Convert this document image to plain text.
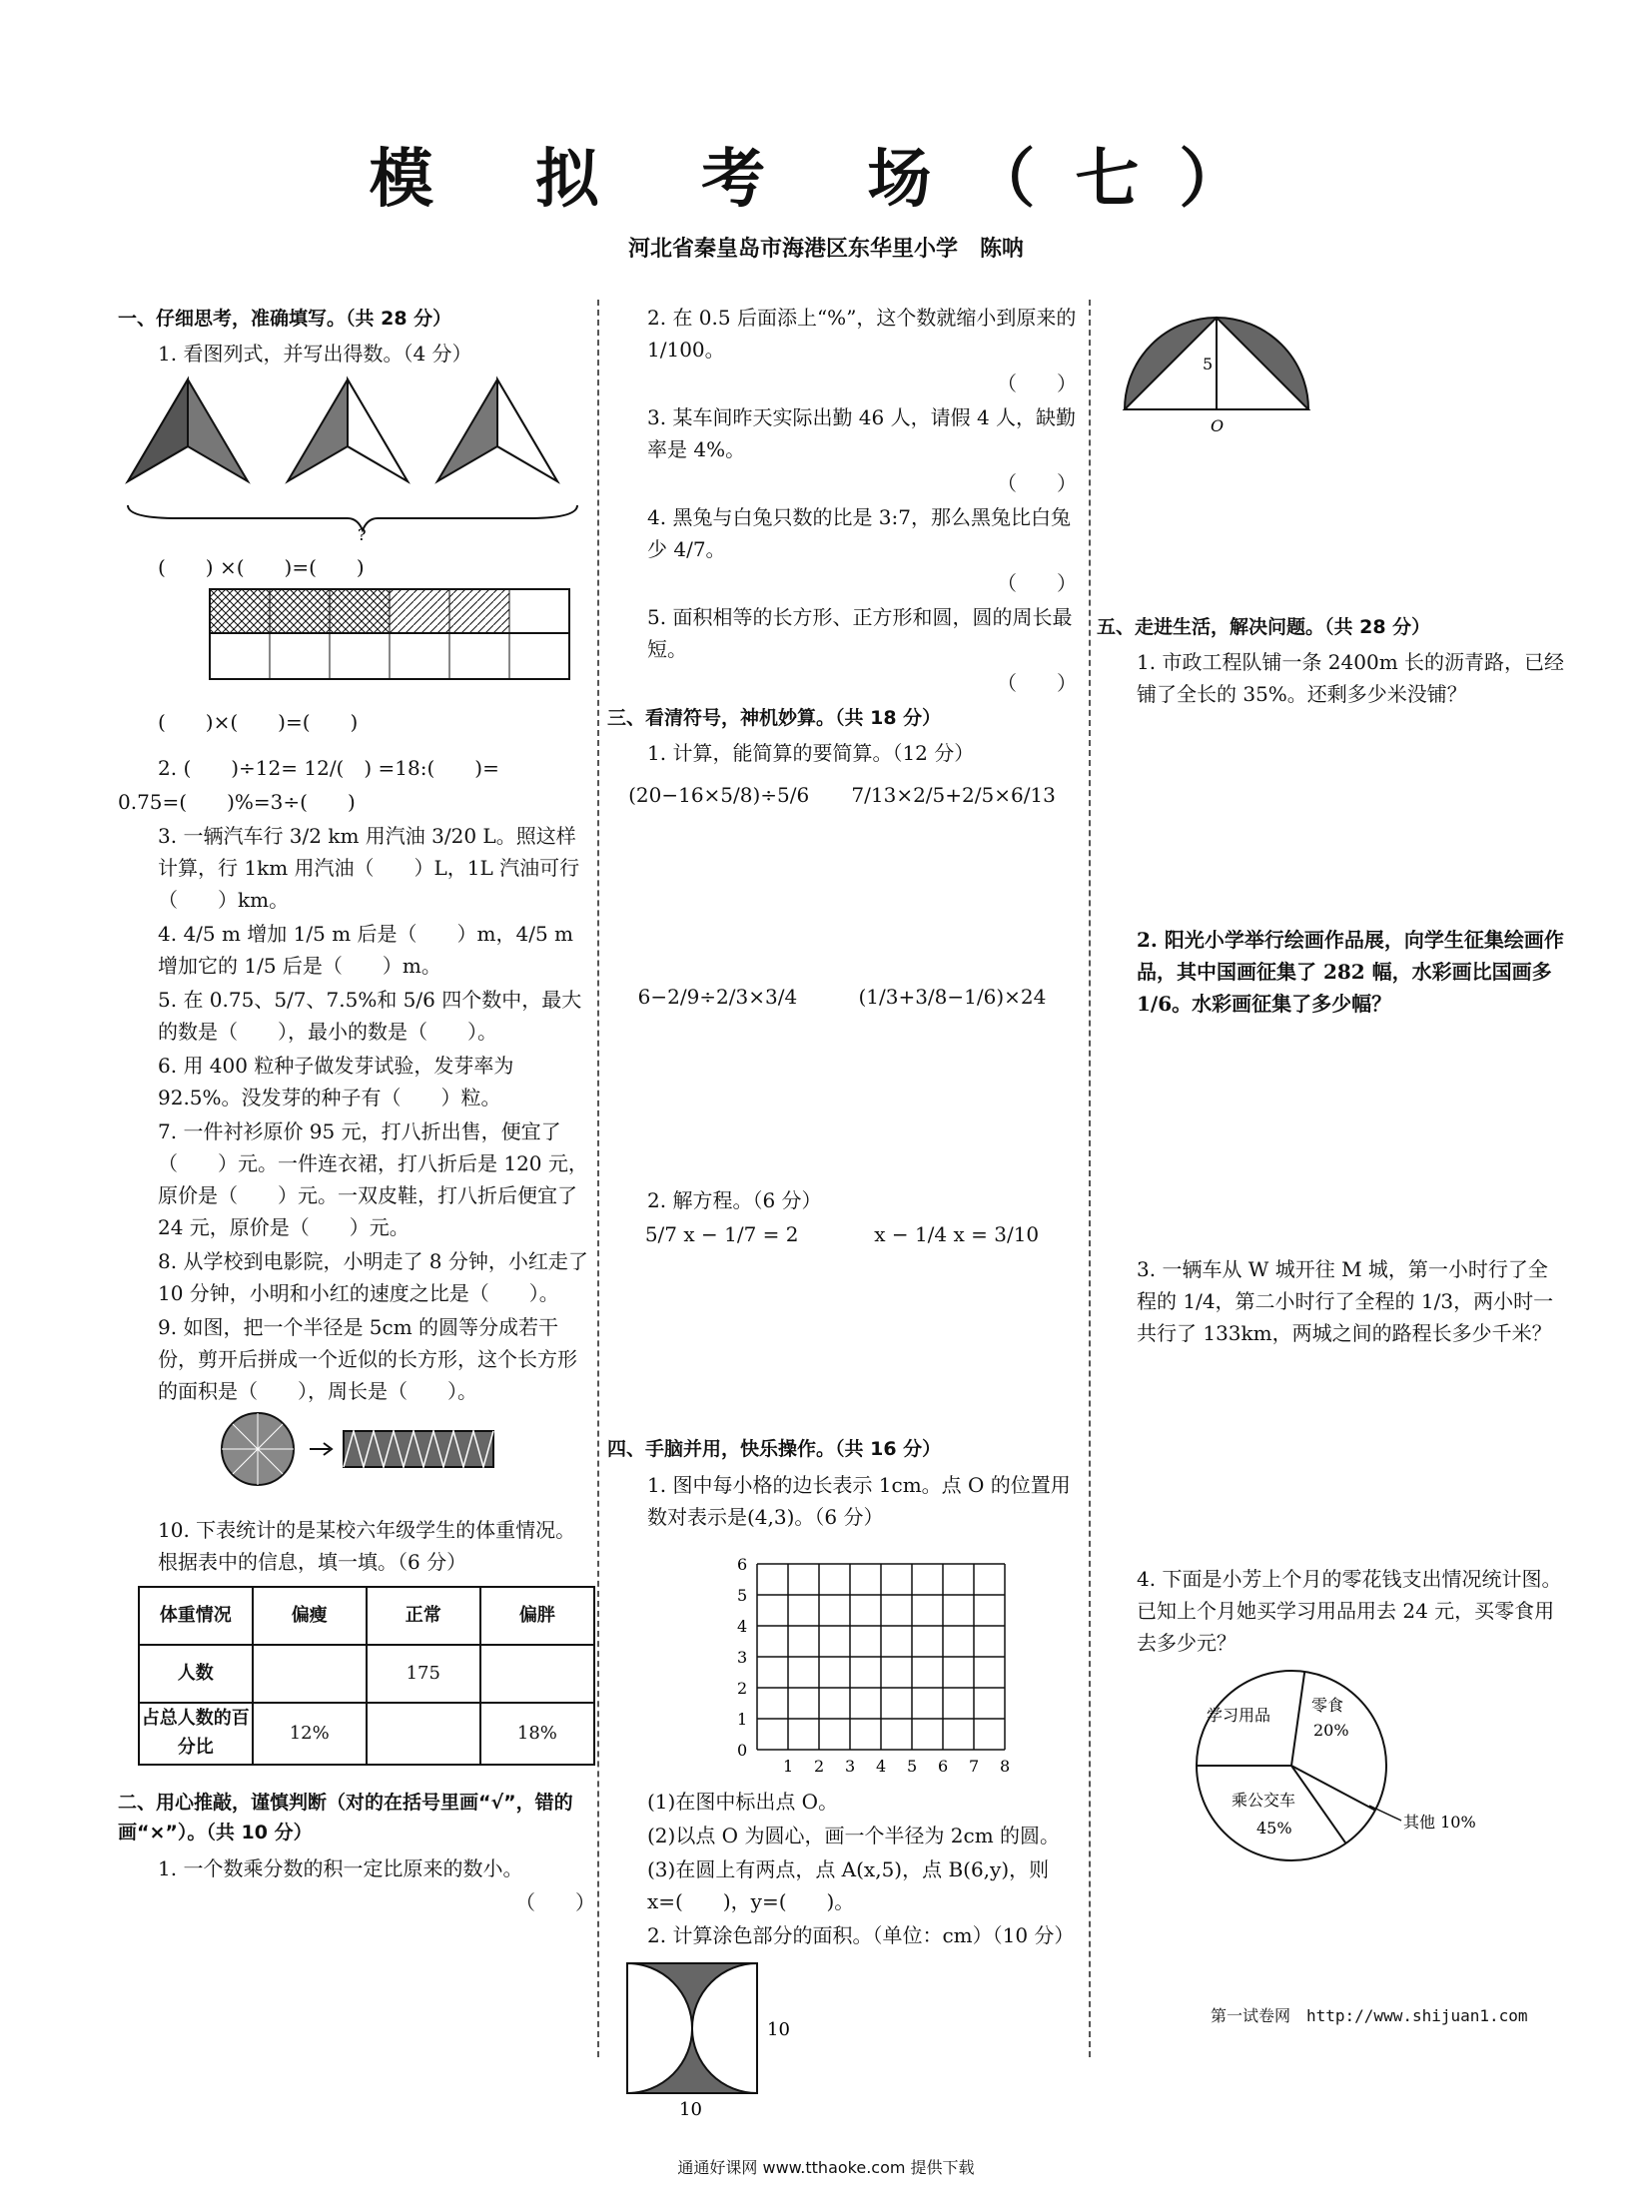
模 拟 考 场（七）
河北省秦皇岛市海港区东华里小学　陈呐
一、仔细思考，准确填写。（共 28 分）
1. 看图列式，并写出得数。（4 分）

?
(　　) ×(　　)=(　　)
(　　)×(　　)=(　　)
2. (　　)÷12= 12/(　) =18:(　　)=
0.75=(　　)%=3÷(　　)
3. 一辆汽车行 3/2 km 用汽油 3/20 L。照这样计算，行 1km 用汽油（　　）L，1L 汽油可行（　　）km。
4. 4/5 m 增加 1/5 m 后是（　　）m，4/5 m 增加它的 1/5 后是（　　）m。
5. 在 0.75、5/7、7.5%和 5/6 四个数中，最大的数是（　　），最小的数是（　　）。
6. 用 400 粒种子做发芽试验，发芽率为 92.5%。没发芽的种子有（　　）粒。
7. 一件衬衫原价 95 元，打八折出售，便宜了（　　）元。一件连衣裙，打八折后是 120 元，原价是（　　）元。一双皮鞋，打八折后便宜了 24 元，原价是（　　）元。
8. 从学校到电影院，小明走了 8 分钟，小红走了 10 分钟，小明和小红的速度之比是（　　）。
9. 如图，把一个半径是 5cm 的圆等分成若干份，剪开后拼成一个近似的长方形，这个长方形的面积是（　　），周长是（　　）。
10. 下表统计的是某校六年级学生的体重情况。根据表中的信息，填一填。（6 分）
体重情况	偏瘦	正常	偏胖
人数		175	
占总人数的百分比	12%		18%
二、用心推敲，谨慎判断（对的在括号里画“√”，错的画“×”）。（共 10 分）
1. 一个数乘分数的积一定比原来的数小。
（　　）
2. 在 0.5 后面添上“%”，这个数就缩小到原来的 1/100。
（　　）
3. 某车间昨天实际出勤 46 人，请假 4 人，缺勤率是 4%。
（　　）
4. 黑兔与白兔只数的比是 3:7，那么黑兔比白兔少 4/7。
（　　）
5. 面积相等的长方形、正方形和圆，圆的周长最短。
（　　）
三、看清符号，神机妙算。（共 18 分）
1. 计算，能简算的要简算。（12 分）
(20−16×5/8)÷5/6 7/13×2/5+2/5×6/13
6−2/9÷2/3×3/4	(1/3+3/8−1/6)×24
2. 解方程。（6 分）
5/7 x − 1/7 = 2	x − 1/4 x = 3/10
四、手脑并用，快乐操作。（共 16 分）
1. 图中每小格的边长表示 1cm。点 O 的位置用数对表示是(4,3)。（6 分）
1 2 3 4 5 6 7 8
0
1
2
3
4
5
6
(1)在图中标出点 O。
(2)以点 O 为圆心，画一个半径为 2cm 的圆。
(3)在圆上有两点，点 A(x,5)，点 B(6,y)，则 x=(　　)，y=(　　)。
2. 计算涂色部分的面积。（单位：cm）（10 分）
10
10
5
O
五、走进生活，解决问题。（共 28 分）
1. 市政工程队铺一条 2400m 长的沥青路，已经铺了全长的 35%。还剩多少米没铺？
2. 阳光小学举行绘画作品展，向学生征集绘画作品，其中国画征集了 282 幅，水彩画比国画多 1/6。水彩画征集了多少幅？
3. 一辆车从 W 城开往 M 城，第一小时行了全程的 1/4，第二小时行了全程的 1/3，两小时一共行了 133km，两城之间的路程长多少千米？
4. 下面是小芳上个月的零花钱支出情况统计图。已知上个月她买学习用品用去 24 元，买零食用去多少元？
学习用品
零食
20%
乘公交车
45%	其他 10%
第一试卷网　http://www.shijuan1.com
通通好课网 www.tthaoke.com 提供下载
